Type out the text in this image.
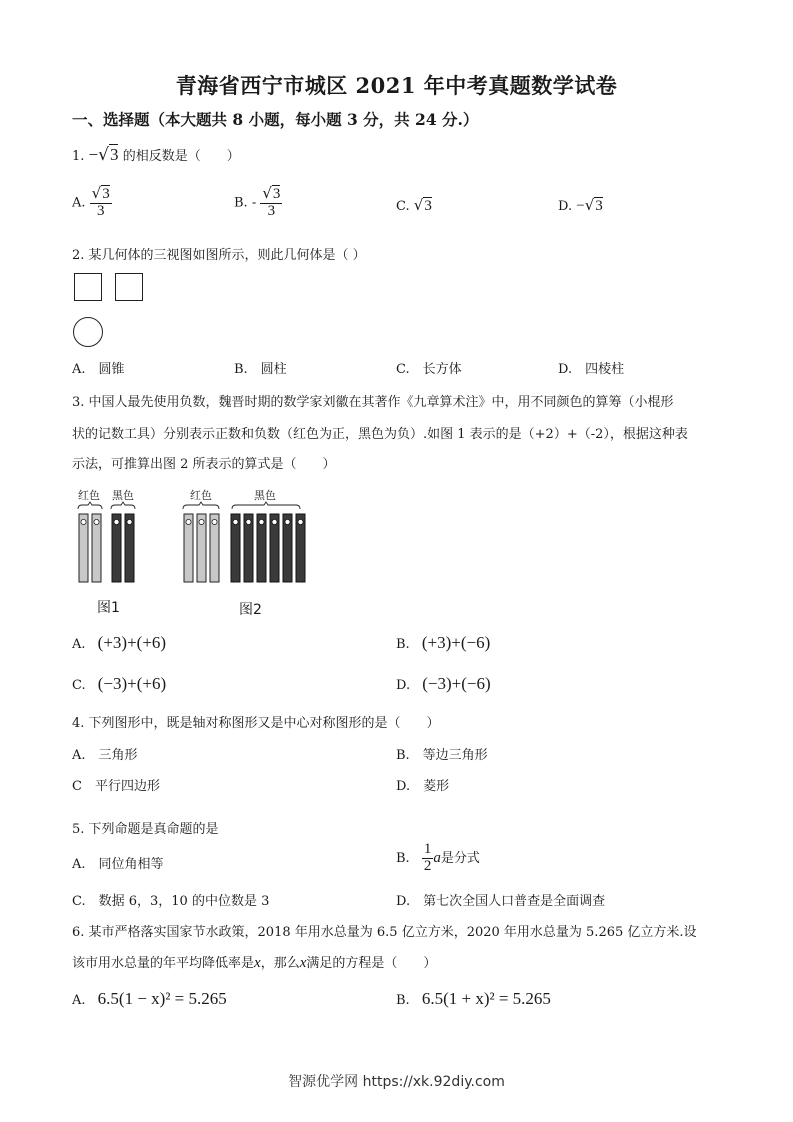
青海省西宁市城区 2021 年中考真题数学试卷
一、选择题（本大题共 8 小题，每小题 3 分，共 24 分.）
1. −√3 的相反数是（　　）
A. $\frac{√3}{3}$	B. - $\frac{√3}{3}$	C. √3	D. −√3
2. 某几何体的三视图如图所示，则此几何体是（ ）
A.　圆锥	B.　圆柱	C.　长方体	D.　四棱柱
3. 中国人最先使用负数，魏晋时期的数学家刘徽在其著作《九章算术注》中，用不同颜色的算筹（小棍形
状的记数工具）分别表示正数和负数（红色为正，黑色为负）.如图 1 表示的是（+2）+（-2），根据这种表
示法，可推算出图 2 所表示的算式是（　　）
红色 黑色	红色	黑色
图1	图2
A. (+3)+(+6)	B. (+3)+(−6)
C. (−3)+(+6)	D. (−3)+(−6)
4. 下列图形中，既是轴对称图形又是中心对称图形的是（　　）
A.　三角形	B.　等边三角形
C　平行四边形	D.　菱形
5. 下列命题是真命题的是
A.　同位角相等	B. $\frac{1}{2}$ a是分式
C.　数据 6，3，10 的中位数是 3	D.　第七次全国人口普查是全面调查
6. 某市严格落实国家节水政策，2018 年用水总量为 6.5 亿立方米，2020 年用水总量为 5.265 亿立方米.设
该市用水总量的年平均降低率是x，那么x满足的方程是（　　）
A. 6.5(1 − x)² = 5.265	B. 6.5(1 + x)² = 5.265
智源优学网 https://xk.92diy.com
